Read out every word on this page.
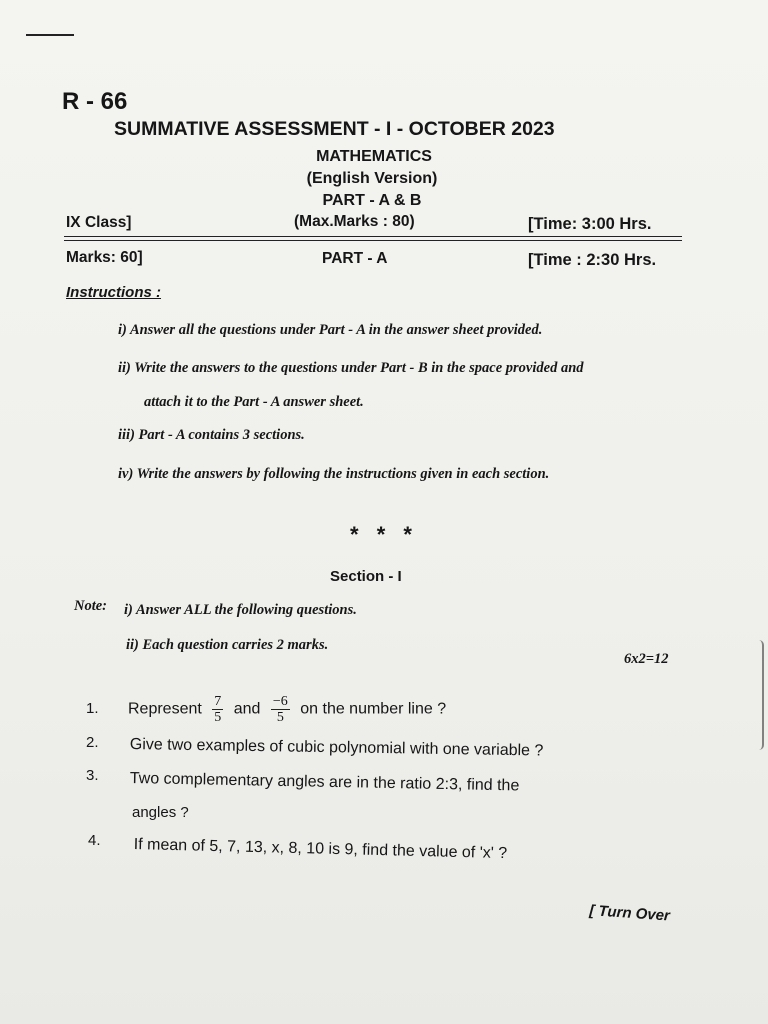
R - 66
SUMMATIVE ASSESSMENT - I - OCTOBER 2023
MATHEMATICS
(English Version)
PART - A & B
IX Class]	(Max.Marks : 80)	[Time: 3:00 Hrs.
Marks: 60]	PART - A	[Time : 2:30 Hrs.
Instructions :
i) Answer all the questions under Part - A in the answer sheet provided.
ii) Write the answers to the questions under Part - B in the space provided and
attach it to the Part - A answer sheet.
iii) Part - A contains 3 sections.
iv) Write the answers by following the instructions given in each section.
* * *
Section - I
Note: i) Answer ALL the following questions.
ii) Each question carries 2 marks.
6x2=12
1. Represent $\frac{7}{5}$ and $\frac{-6}{5}$ on the number line ?
2. Give two examples of cubic polynomial with one variable ?
3. Two complementary angles are in the ratio 2:3, find the
angles ?
4. If mean of 5, 7, 13, x, 8, 10 is 9, find the value of 'x' ?
[ Turn Over
